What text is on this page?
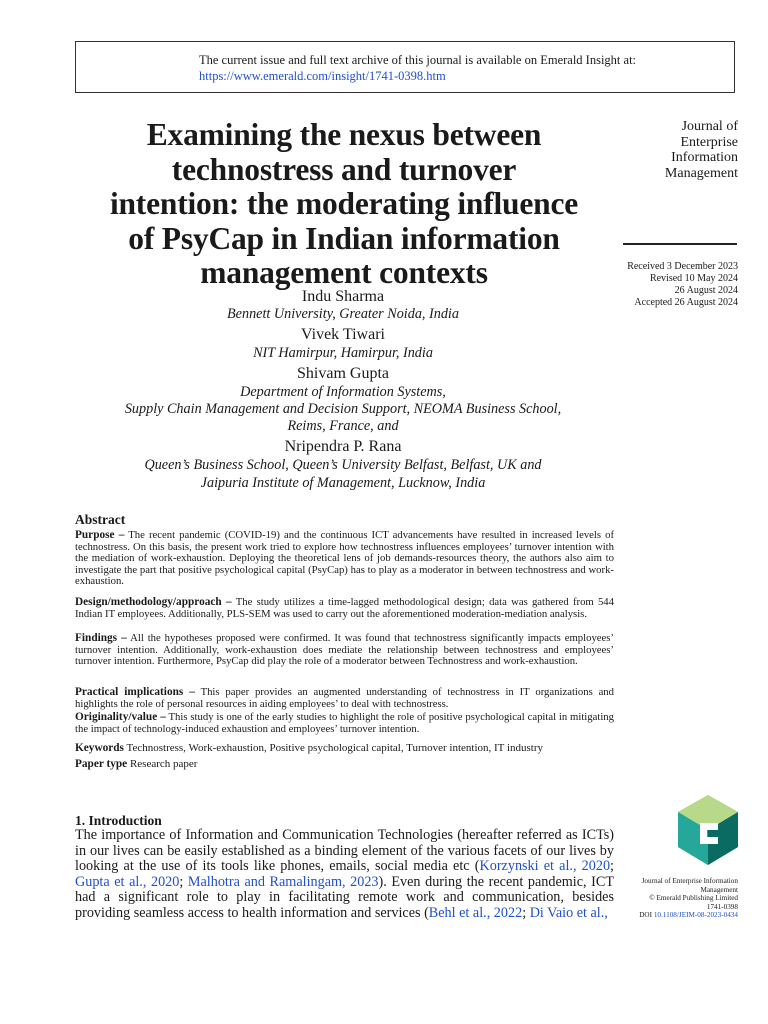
The current issue and full text archive of this journal is available on Emerald Insight at:
https://www.emerald.com/insight/1741-0398.htm
Examining the nexus between
technostress and turnover
intention: the moderating influence
of PsyCap in Indian information
management contexts
Journal of
Enterprise
Information
Management
Received 3 December 2023
Revised 10 May 2024
26 August 2024
Accepted 26 August 2024
Indu Sharma
Bennett University, Greater Noida, India
Vivek Tiwari
NIT Hamirpur, Hamirpur, India
Shivam Gupta
Department of Information Systems,
Supply Chain Management and Decision Support, NEOMA Business School,
Reims, France, and
Nripendra P. Rana
Queen’s Business School, Queen’s University Belfast, Belfast, UK and
Jaipuria Institute of Management, Lucknow, India
Abstract
Purpose – The recent pandemic (COVID-19) and the continuous ICT advancements have resulted in increased levels of technostress. On this basis, the present work tried to explore how technostress influences employees’ turnover intention with the mediation of work-exhaustion. Deploying the theoretical lens of job demands-resources theory, the authors also aim to investigate the part that positive psychological capital (PsyCap) has to play as a moderator in between technostress and work-exhaustion.
Design/methodology/approach – The study utilizes a time-lagged methodological design; data was gathered from 544 Indian IT employees. Additionally, PLS-SEM was used to carry out the aforementioned moderation-mediation analysis.
Findings – All the hypotheses proposed were confirmed. It was found that technostress significantly impacts employees’ turnover intention. Additionally, work-exhaustion does mediate the relationship between technostress and employees’ turnover intention. Furthermore, PsyCap did play the role of a moderator between Technostress and work-exhaustion.
Practical implications – This paper provides an augmented understanding of technostress in IT organizations and highlights the role of personal resources in aiding employees’ to deal with technostress.
Originality/value – This study is one of the early studies to highlight the role of positive psychological capital in mitigating the impact of technology-induced exhaustion and employees’ turnover intention.
Keywords Technostress, Work-exhaustion, Positive psychological capital, Turnover intention, IT industry
Paper type Research paper
1. Introduction
The importance of Information and Communication Technologies (hereafter referred as ICTs) in our lives can be easily established as a binding element of the various facets of our lives by looking at the use of its tools like phones, emails, social media etc (Korzynski et al., 2020; Gupta et al., 2020; Malhotra and Ramalingam, 2023). Even during the recent pandemic, ICT had a significant role to play in facilitating remote work and communication, besides providing seamless access to health information and services (Behl et al., 2022; Di Vaio et al.,
Journal of Enterprise Information
Management
© Emerald Publishing Limited
1741-0398
DOI 10.1108/JEIM-08-2023-0434
